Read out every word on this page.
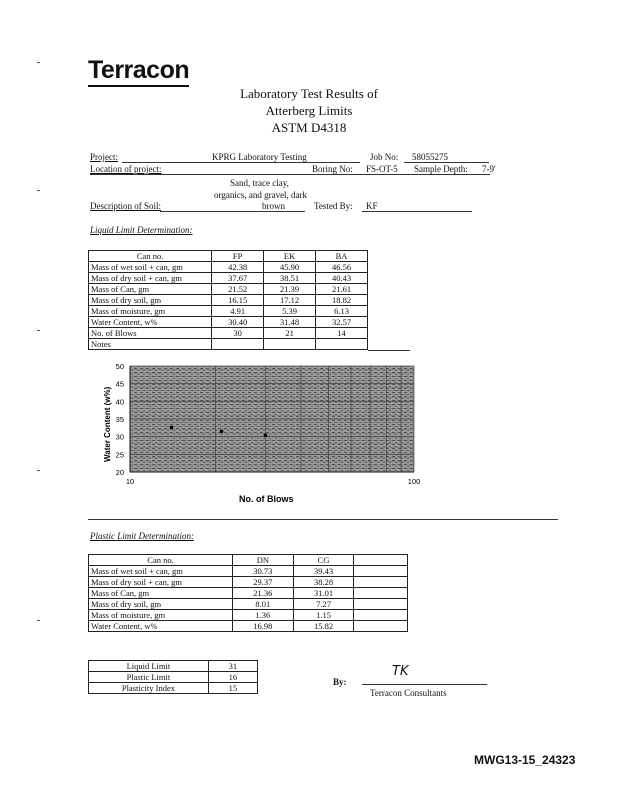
Terracon
Laboratory Test Results of
Atterberg Limits
ASTM D4318
Project:	KPRG Laboratory Testing	Job No: 58055275
Location of project:	Boring No: FS-OT-5 Sample Depth: 7-9'
Sand, trace clay,
organics, and gravel, dark
Description of Soil:	brown	Tested By: KF
Liquid Limit Determination:
Can no.	FP	EK	BA
Mass of wet soil + can, gm	42.38	45.90	46.56
Mass of dry soil + can, gm	37.67	38.51	40.43
Mass of Can, gm	21.52	21.39	21.61
Mass of dry soil, gm	16.15	17.12	18.82
Mass of moisture, gm	4.91	5.39	6.13
Water Content, w%	30.40	31.48	32.57
No. of Blows	30	21	14
Notes			
50
45
40
35
30
25
20
10	100
No. of Blows
Water Content (w%)
Plastic Limit Determination:
Can no.	DN	CG	
Mass of wet soil + can, gm	30.73	39.43	
Mass of dry soil + can, gm	29.37	38.28	
Mass of Can, gm	21.36	31.01	
Mass of dry soil, gm	8.01	7.27	
Mass of moisture, gm	1.36	1.15	
Water Content, w%	16.98	15.82	
Liquid Limit	31
Plastic Limit	16
Plasticity Index	15
By:
TK
Terracon Consultants
MWG13-15_24323
